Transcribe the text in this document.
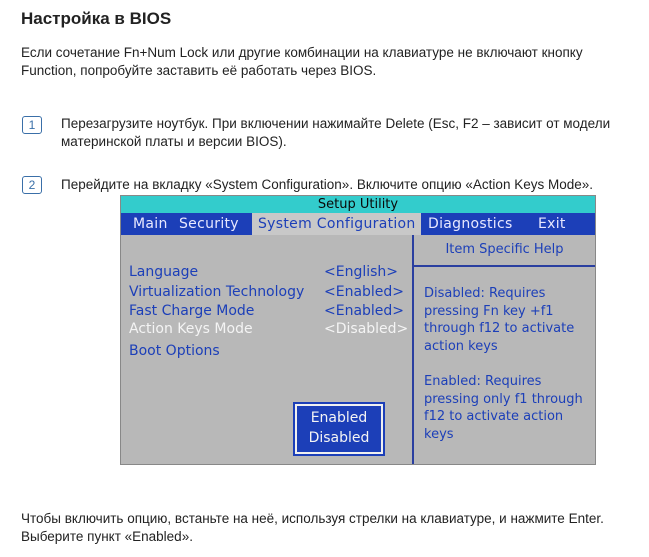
Настройка в BIOS
Если сочетание Fn+Num Lock или другие комбинации на клавиатуре не включают кнопку
Function, попробуйте заставить её работать через BIOS.
1	Перезагрузите ноутбук. При включении нажимайте Delete (Esc, F2 – зависит от модели
материнской платы и версии BIOS).
2	Перейдите на вкладку «System Configuration». Включите опцию «Action Keys Mode».
Setup Utility
Main Security	System Configuration Diagnostics Exit
Language	<English>
Virtualization Technology <Enabled>
Fast Charge Mode	<Enabled>
Action Keys Mode	<Disabled>
Boot Options
Enabled
Disabled
Item Specific Help
Disabled: Requires
pressing Fn key +f1
through f12 to activate
action keys
Enabled: Requires
pressing only f1 through
f12 to activate action
keys
Чтобы включить опцию, встаньте на неё, используя стрелки на клавиатуре, и нажмите Enter.
Выберите пункт «Enabled».
